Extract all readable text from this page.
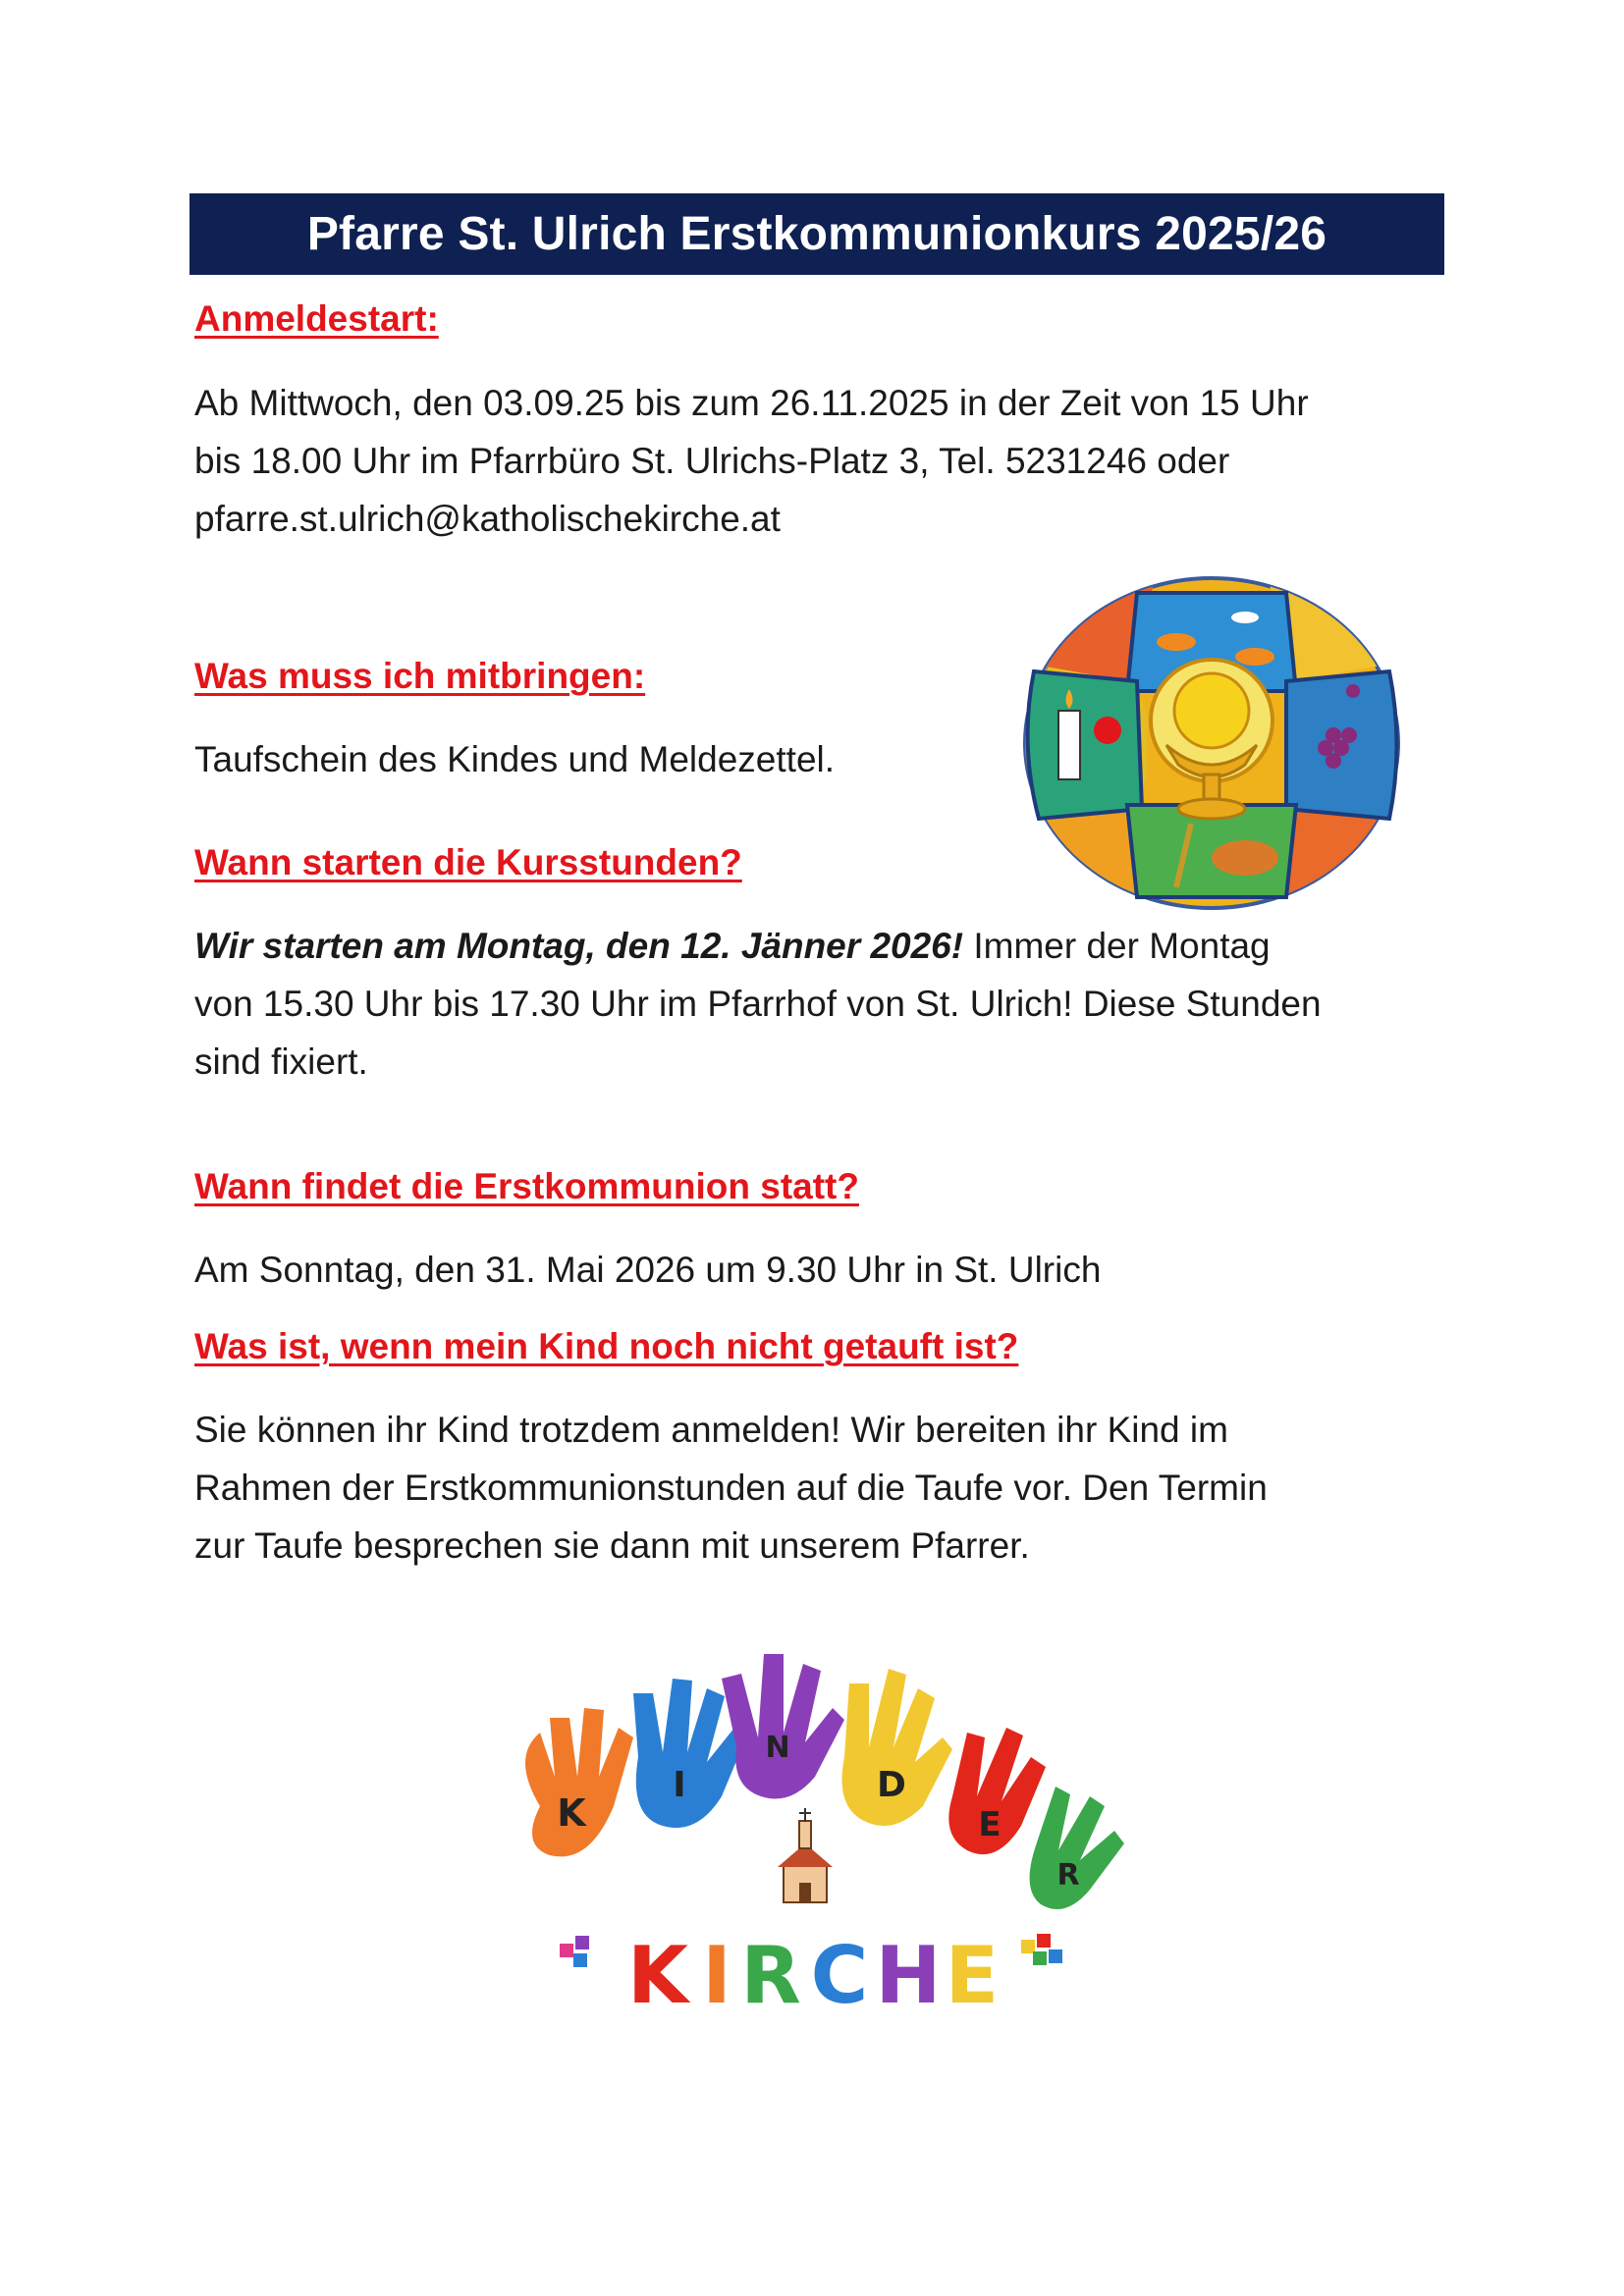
Pfarre St. Ulrich Erstkommunionkurs 2025/26
Anmeldestart:
Ab Mittwoch, den 03.09.25 bis zum 26.11.2025 in der Zeit von 15 Uhr
bis 18.00 Uhr im Pfarrbüro St. Ulrichs-Platz 3, Tel. 5231246 oder
pfarre.st.ulrich@katholischekirche.at
Was muss ich mitbringen:
Taufschein des Kindes und Meldezettel.
Wann starten die Kursstunden?
Wir starten am Montag, den 12. Jänner 2026! Immer der Montag
von 15.30 Uhr bis 17.30 Uhr im Pfarrhof von St. Ulrich! Diese Stunden
sind fixiert.
Wann findet die Erstkommunion statt?
Am Sonntag, den 31. Mai 2026 um 9.30 Uhr in St. Ulrich
Was ist, wenn mein Kind noch nicht getauft ist?
Sie können ihr Kind trotzdem anmelden! Wir bereiten ihr Kind im
Rahmen der Erstkommunionstunden auf die Taufe vor. Den Termin
zur Taufe besprechen sie dann mit unserem Pfarrer.
K
I
N
D
E
R
K I R C H E
